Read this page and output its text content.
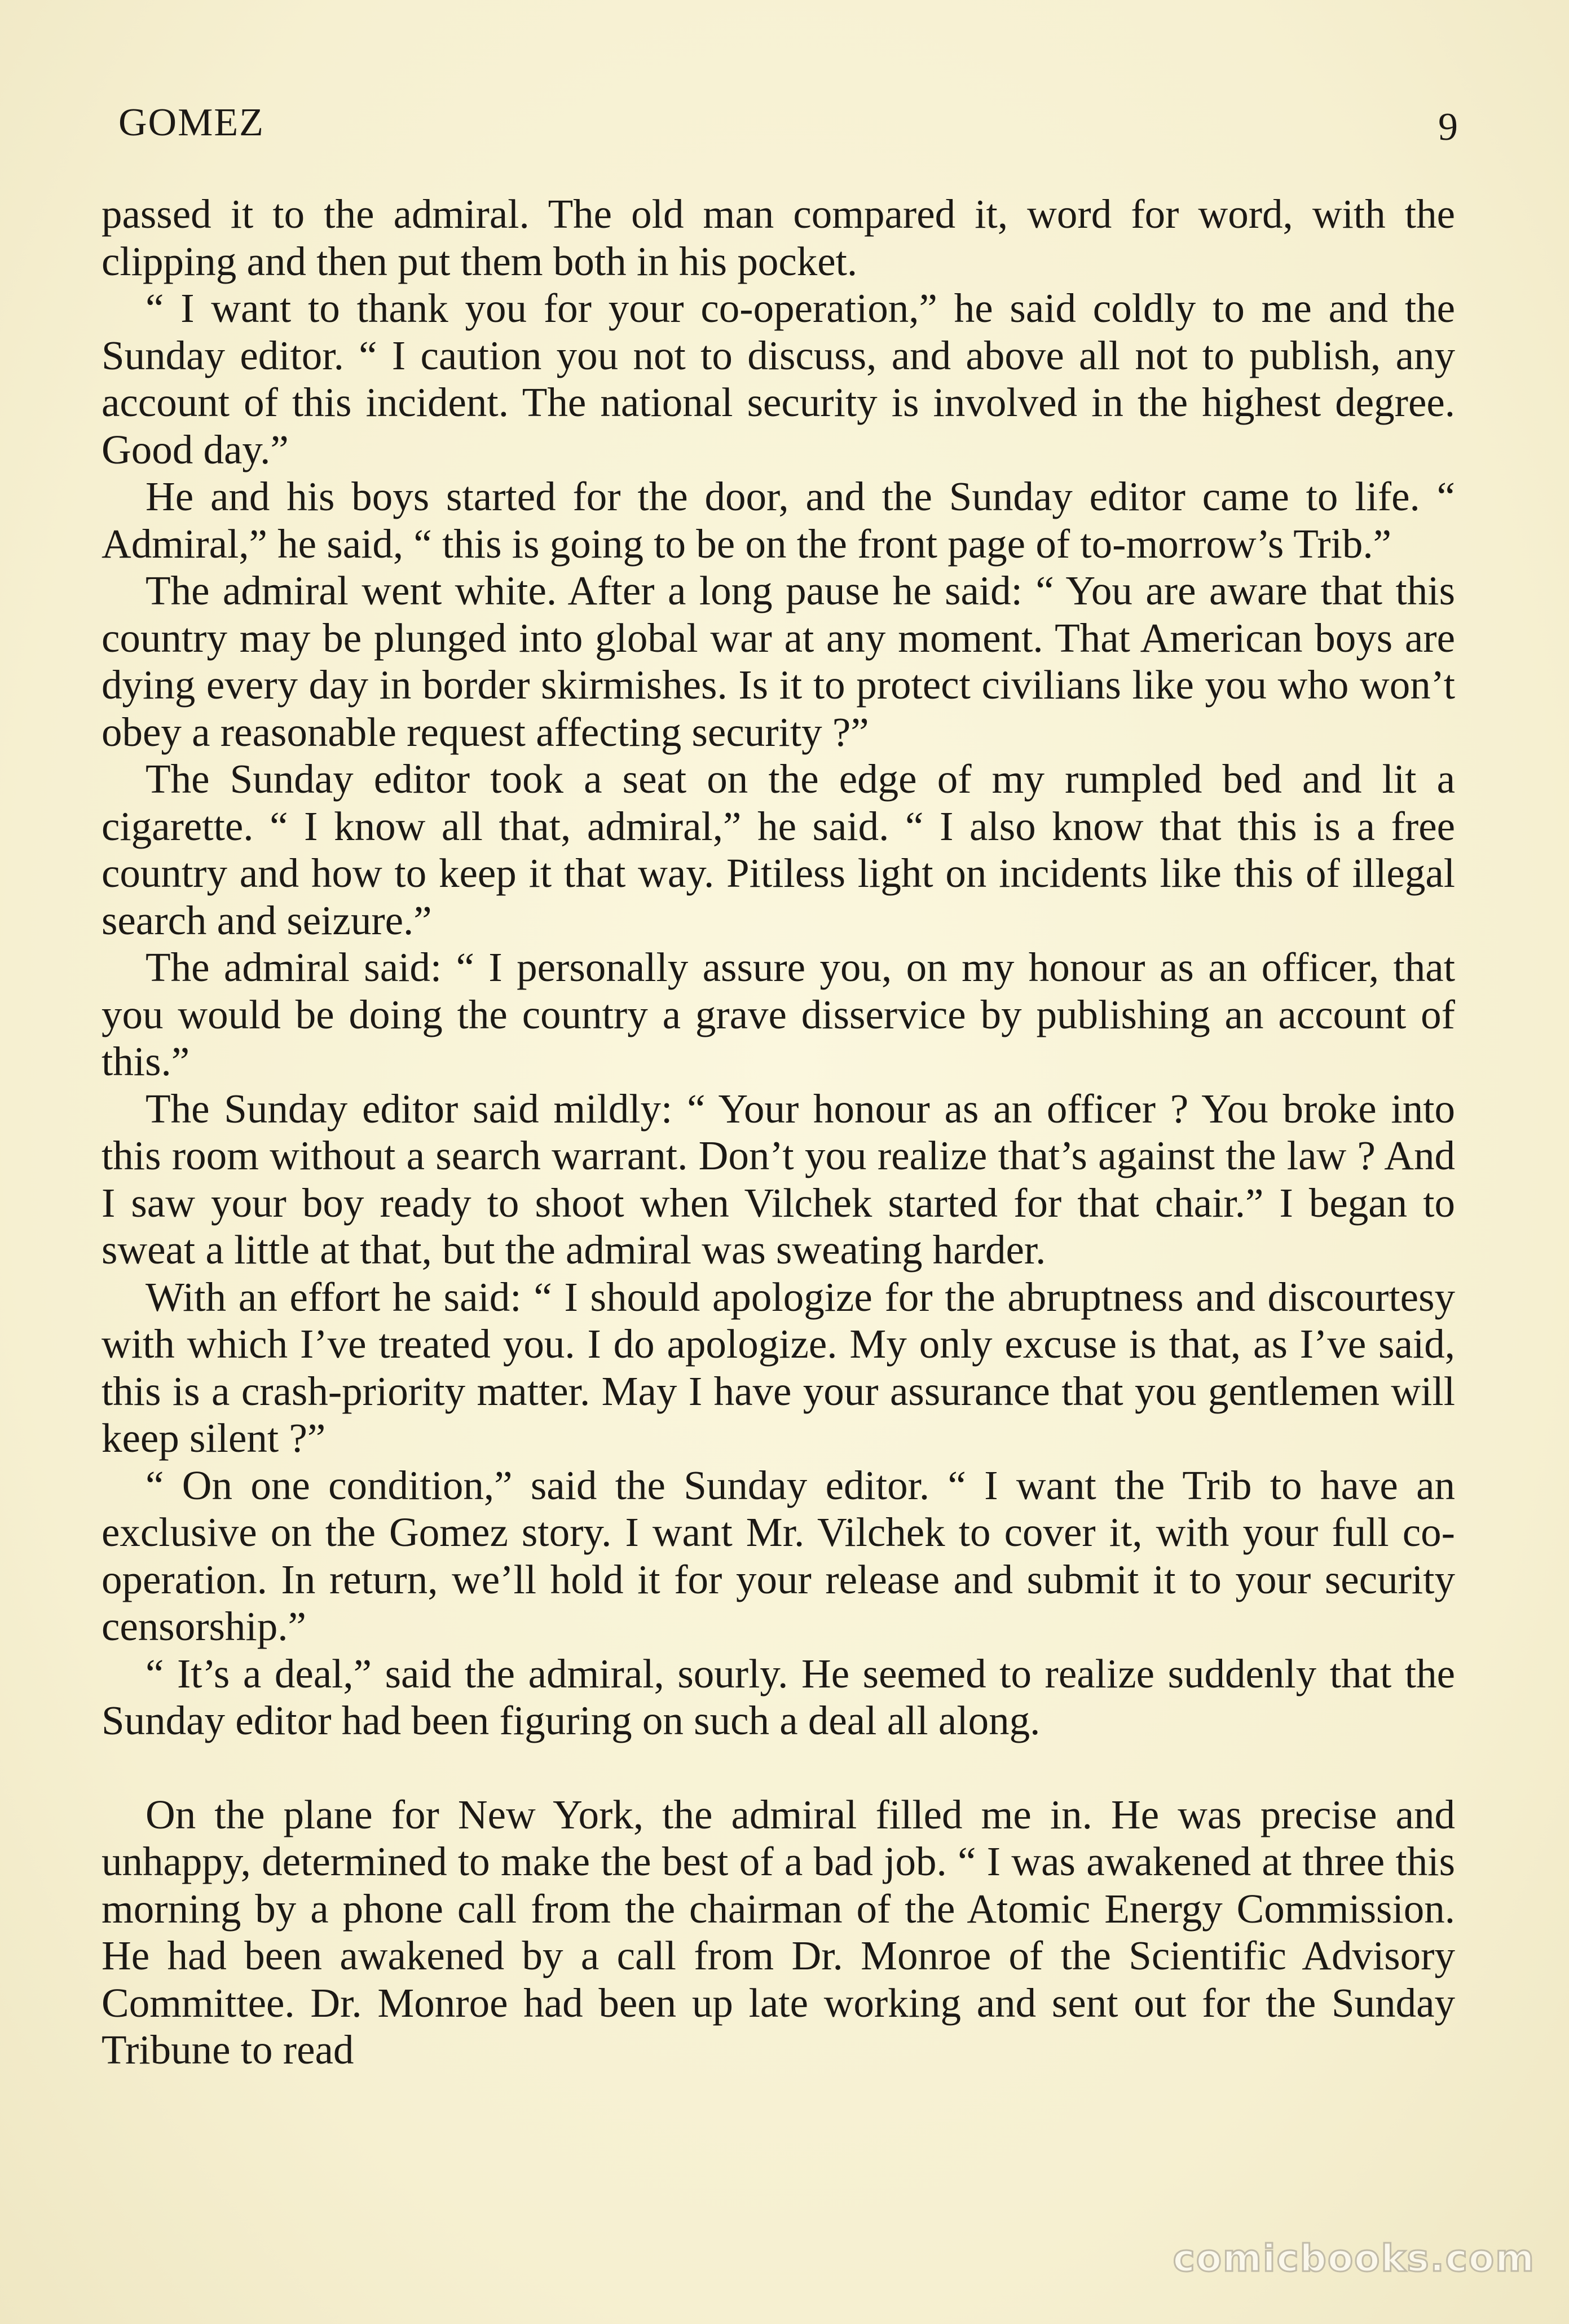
GOMEZ	9

passed it to the admiral. The old man compared it, word for word, with the clipping and then put them both in his pocket.

“ I want to thank you for your co-operation,” he said coldly to me and the Sunday editor. “ I caution you not to discuss, and above all not to publish, any account of this incident. The national security is involved in the highest degree. Good day.”

He and his boys started for the door, and the Sunday editor came to life. “ Admiral,” he said, “ this is going to be on the front page of to-morrow’s Trib.”

The admiral went white. After a long pause he said: “ You are aware that this country may be plunged into global war at any moment. That American boys are dying every day in border skirmishes. Is it to protect civilians like you who won’t obey a reasonable request affecting security ?”

The Sunday editor took a seat on the edge of my rumpled bed and lit a cigarette. “ I know all that, admiral,” he said. “ I also know that this is a free country and how to keep it that way. Pitiless light on incidents like this of illegal search and seizure.”

The admiral said: “ I personally assure you, on my honour as an officer, that you would be doing the country a grave disservice by publishing an account of this.”

The Sunday editor said mildly: “ Your honour as an officer ? You broke into this room without a search warrant. Don’t you realize that’s against the law ? And I saw your boy ready to shoot when Vilchek started for that chair.” I began to sweat a little at that, but the admiral was sweating harder.

With an effort he said: “ I should apologize for the abruptness and discourtesy with which I’ve treated you. I do apologize. My only excuse is that, as I’ve said, this is a crash-priority matter. May I have your assurance that you gentlemen will keep silent ?”

“ On one condition,” said the Sunday editor. “ I want the Trib to have an exclusive on the Gomez story. I want Mr. Vilchek to cover it, with your full co-operation. In return, we’ll hold it for your release and submit it to your security censorship.”

“ It’s a deal,” said the admiral, sourly. He seemed to realize suddenly that the Sunday editor had been figuring on such a deal all along.

On the plane for New York, the admiral filled me in. He was precise and unhappy, determined to make the best of a bad job. “ I was awakened at three this morning by a phone call from the chairman of the Atomic Energy Commission. He had been awakened by a call from Dr. Monroe of the Scientific Advisory Committee. Dr. Monroe had been up late working and sent out for the Sunday Tribune to read

comicbooks.com
